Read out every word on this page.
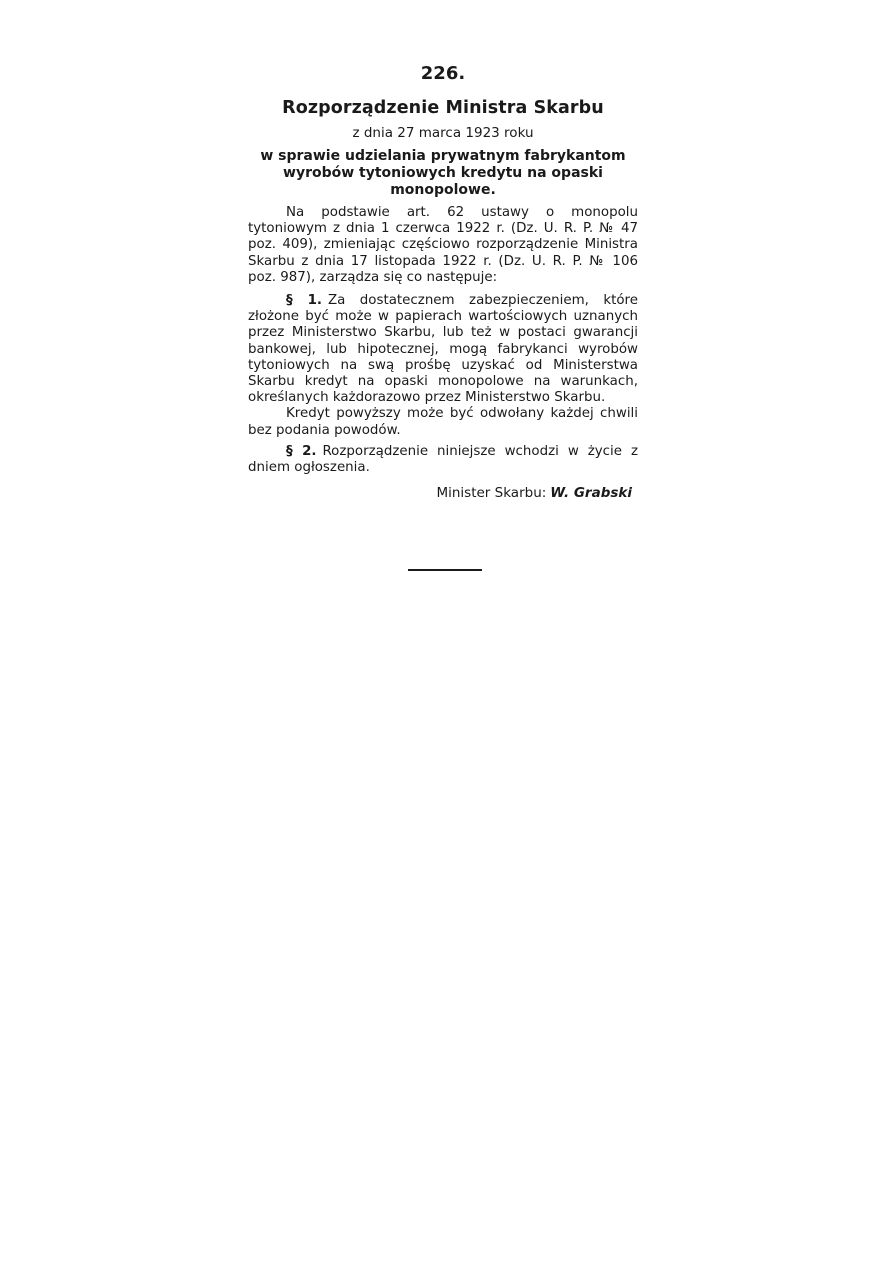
226.
Rozporządzenie Ministra Skarbu
z dnia 27 marca 1923 roku
w sprawie udzielania prywatnym fabrykantom wyrobów tytoniowych kredytu na opaski monopolowe.

Na podstawie art. 62 ustawy o monopolu tytoniowym z dnia 1 czerwca 1922 r. (Dz. U. R. P. № 47 poz. 409), zmieniając częściowo rozporządzenie Ministra Skarbu z dnia 17 listopada 1922 r. (Dz. U. R. P. № 106 poz. 987), zarządza się co następuje:

§ 1. Za dostatecznem zabezpieczeniem, które złożone być może w papierach wartościowych uznanych przez Ministerstwo Skarbu, lub też w postaci gwarancji bankowej, lub hipotecznej, mogą fabrykanci wyrobów tytoniowych na swą prośbę uzyskać od Ministerstwa Skarbu kredyt na opaski monopolowe na warunkach, określanych każdorazowo przez Ministerstwo Skarbu.

Kredyt powyższy może być odwołany każdej chwili bez podania powodów.

§ 2. Rozporządzenie niniejsze wchodzi w życie z dniem ogłoszenia.

Minister Skarbu: W. Grabski
